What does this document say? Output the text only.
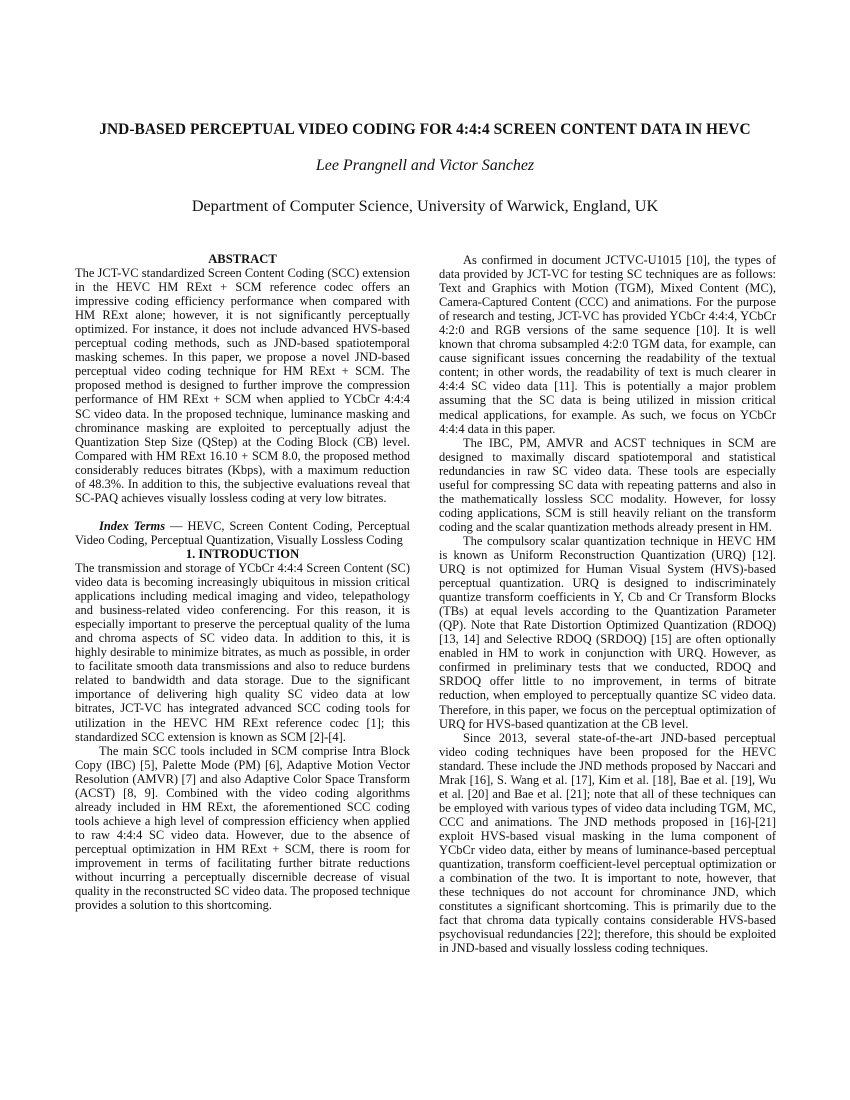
JND-BASED PERCEPTUAL VIDEO CODING FOR 4:4:4 SCREEN CONTENT DATA IN HEVC
Lee Prangnell and Victor Sanchez
Department of Computer Science, University of Warwick, England, UK

ABSTRACT

The JCT-VC standardized Screen Content Coding (SCC) extension in the HEVC HM RExt + SCM reference codec offers an impressive coding efficiency performance when compared with HM RExt alone; however, it is not significantly perceptually optimized. For instance, it does not include advanced HVS-based perceptual coding methods, such as JND-based spatiotemporal masking schemes. In this paper, we propose a novel JND-based perceptual video coding technique for HM RExt + SCM. The proposed method is designed to further improve the compression performance of HM RExt + SCM when applied to YCbCr 4:4:4 SC video data. In the proposed technique, luminance masking and chrominance masking are exploited to perceptually adjust the Quantization Step Size (QStep) at the Coding Block (CB) level. Compared with HM RExt 16.10 + SCM 8.0, the proposed method considerably reduces bitrates (Kbps), with a maximum reduction of 48.3%. In addition to this, the subjective evaluations reveal that SC-PAQ achieves visually lossless coding at very low bitrates.

Index Terms — HEVC, Screen Content Coding, Perceptual Video Coding, Perceptual Quantization, Visually Lossless Coding

1. INTRODUCTION

The transmission and storage of YCbCr 4:4:4 Screen Content (SC) video data is becoming increasingly ubiquitous in mission critical applications including medical imaging and video, telepathology and business-related video conferencing. For this reason, it is especially important to preserve the perceptual quality of the luma and chroma aspects of SC video data. In addition to this, it is highly desirable to minimize bitrates, as much as possible, in order to facilitate smooth data transmissions and also to reduce burdens related to bandwidth and data storage. Due to the significant importance of delivering high quality SC video data at low bitrates, JCT-VC has integrated advanced SCC coding tools for utilization in the HEVC HM RExt reference codec [1]; this standardized SCC extension is known as SCM [2]-[4].

The main SCC tools included in SCM comprise Intra Block Copy (IBC) [5], Palette Mode (PM) [6], Adaptive Motion Vector Resolution (AMVR) [7] and also Adaptive Color Space Transform (ACST) [8, 9]. Combined with the video coding algorithms already included in HM RExt, the aforementioned SCC coding tools achieve a high level of compression efficiency when applied to raw 4:4:4 SC video data. However, due to the absence of perceptual optimization in HM RExt + SCM, there is room for improvement in terms of facilitating further bitrate reductions without incurring a perceptually discernible decrease of visual quality in the reconstructed SC video data. The proposed technique provides a solution to this shortcoming.

As confirmed in document JCTVC-U1015 [10], the types of data provided by JCT-VC for testing SC techniques are as follows: Text and Graphics with Motion (TGM), Mixed Content (MC), Camera-Captured Content (CCC) and animations. For the purpose of research and testing, JCT-VC has provided YCbCr 4:4:4, YCbCr 4:2:0 and RGB versions of the same sequence [10]. It is well known that chroma subsampled 4:2:0 TGM data, for example, can cause significant issues concerning the readability of the textual content; in other words, the readability of text is much clearer in 4:4:4 SC video data [11]. This is potentially a major problem assuming that the SC data is being utilized in mission critical medical applications, for example. As such, we focus on YCbCr 4:4:4 data in this paper.

The IBC, PM, AMVR and ACST techniques in SCM are designed to maximally discard spatiotemporal and statistical redundancies in raw SC video data. These tools are especially useful for compressing SC data with repeating patterns and also in the mathematically lossless SCC modality. However, for lossy coding applications, SCM is still heavily reliant on the transform coding and the scalar quantization methods already present in HM.

The compulsory scalar quantization technique in HEVC HM is known as Uniform Reconstruction Quantization (URQ) [12]. URQ is not optimized for Human Visual System (HVS)-based perceptual quantization. URQ is designed to indiscriminately quantize transform coefficients in Y, Cb and Cr Transform Blocks (TBs) at equal levels according to the Quantization Parameter (QP). Note that Rate Distortion Optimized Quantization (RDOQ) [13, 14] and Selective RDOQ (SRDOQ) [15] are often optionally enabled in HM to work in conjunction with URQ. However, as confirmed in preliminary tests that we conducted, RDOQ and SRDOQ offer little to no improvement, in terms of bitrate reduction, when employed to perceptually quantize SC video data. Therefore, in this paper, we focus on the perceptual optimization of URQ for HVS-based quantization at the CB level.

Since 2013, several state-of-the-art JND-based perceptual video coding techniques have been proposed for the HEVC standard. These include the JND methods proposed by Naccari and Mrak [16], S. Wang et al. [17], Kim et al. [18], Bae et al. [19], Wu et al. [20] and Bae et al. [21]; note that all of these techniques can be employed with various types of video data including TGM, MC, CCC and animations. The JND methods proposed in [16]-[21] exploit HVS-based visual masking in the luma component of YCbCr video data, either by means of luminance-based perceptual quantization, transform coefficient-level perceptual optimization or a combination of the two. It is important to note, however, that these techniques do not account for chrominance JND, which constitutes a significant shortcoming. This is primarily due to the fact that chroma data typically contains considerable HVS-based psychovisual redundancies [22]; therefore, this should be exploited in JND-based and visually lossless coding techniques.
